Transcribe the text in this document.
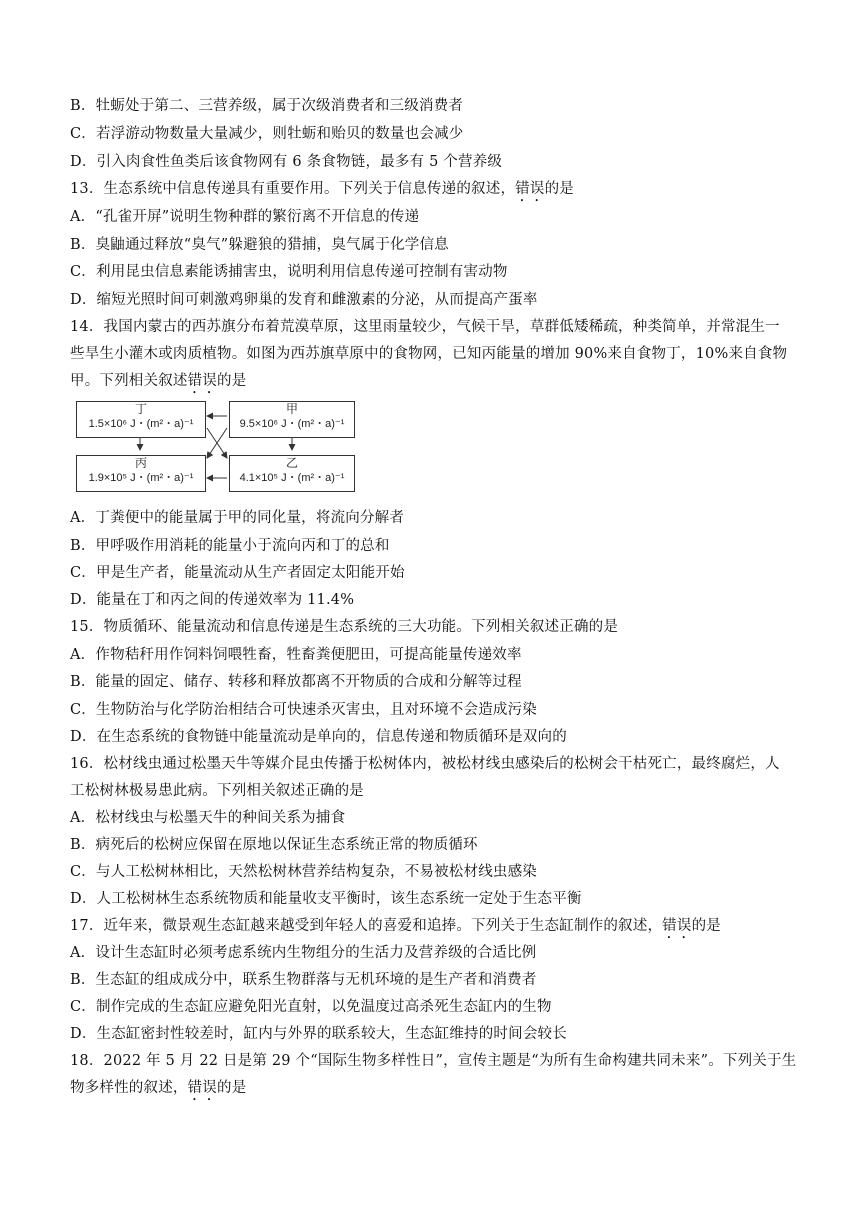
B．牡蛎处于第二、三营养级，属于次级消费者和三级消费者
C．若浮游动物数量大量减少，则牡蛎和贻贝的数量也会减少
D．引入肉食性鱼类后该食物网有 6 条食物链，最多有 5 个营养级
13．生态系统中信息传递具有重要作用。下列关于信息传递的叙述，错误的是
A．“孔雀开屏”说明生物种群的繁衍离不开信息的传递
B．臭鼬通过释放“臭气”躲避狼的猎捕，臭气属于化学信息
C．利用昆虫信息素能诱捕害虫，说明利用信息传递可控制有害动物
D．缩短光照时间可刺激鸡卵巢的发育和雌激素的分泌，从而提高产蛋率
14．我国内蒙古的西苏旗分布着荒漠草原，这里雨量较少，气候干旱，草群低矮稀疏，种类简单，并常混生一
些旱生小灌木或肉质植物。如图为西苏旗草原中的食物网，已知丙能量的增加 90%来自食物丁，10%来自食物
甲。下列相关叙述错误的是
丁
1.5×10⁶ J・(m²・a)⁻¹
甲
9.5×10⁶ J・(m²・a)⁻¹
丙
1.9×10⁵ J・(m²・a)⁻¹
乙
4.1×10⁵ J・(m²・a)⁻¹
A．丁粪便中的能量属于甲的同化量，将流向分解者
B．甲呼吸作用消耗的能量小于流向丙和丁的总和
C．甲是生产者，能量流动从生产者固定太阳能开始
D．能量在丁和丙之间的传递效率为 11.4%
15．物质循环、能量流动和信息传递是生态系统的三大功能。下列相关叙述正确的是
A．作物秸秆用作饲料饲喂牲畜，牲畜粪便肥田，可提高能量传递效率
B．能量的固定、储存、转移和释放都离不开物质的合成和分解等过程
C．生物防治与化学防治相结合可快速杀灭害虫，且对环境不会造成污染
D．在生态系统的食物链中能量流动是单向的，信息传递和物质循环是双向的
16．松材线虫通过松墨天牛等媒介昆虫传播于松树体内，被松材线虫感染后的松树会干枯死亡，最终腐烂，人
工松树林极易患此病。下列相关叙述正确的是
A．松材线虫与松墨天牛的种间关系为捕食
B．病死后的松树应保留在原地以保证生态系统正常的物质循环
C．与人工松树林相比，天然松树林营养结构复杂，不易被松材线虫感染
D．人工松树林生态系统物质和能量收支平衡时，该生态系统一定处于生态平衡
17．近年来，微景观生态缸越来越受到年轻人的喜爱和追捧。下列关于生态缸制作的叙述，错误的是
A．设计生态缸时必须考虑系统内生物组分的生活力及营养级的合适比例
B．生态缸的组成成分中，联系生物群落与无机环境的是生产者和消费者
C．制作完成的生态缸应避免阳光直射，以免温度过高杀死生态缸内的生物
D．生态缸密封性较差时，缸内与外界的联系较大，生态缸维持的时间会较长
18．2022 年 5 月 22 日是第 29 个“国际生物多样性日”，宣传主题是“为所有生命构建共同未来”。下列关于生
物多样性的叙述，错误的是
